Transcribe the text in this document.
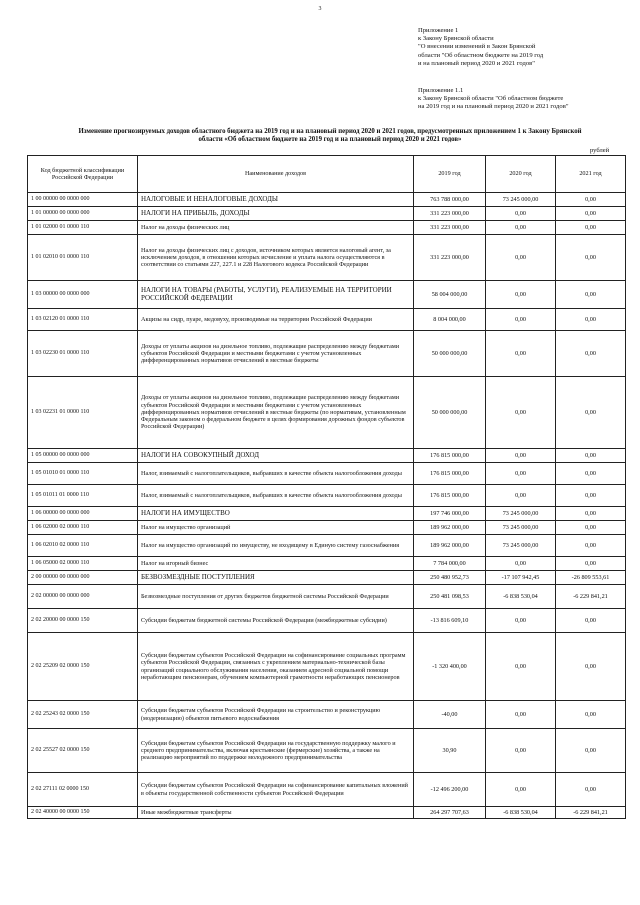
3
Приложение 1
к Закону Брянской области
"О внесении изменений в Закон Брянской
области "Об областном бюджете на 2019 год
и на плановый период 2020 и 2021 годов"
Приложение 1.1
к Закону Брянской области "Об областном бюджете
на 2019 год и на плановый период 2020 и 2021 годов"
Изменение прогнозируемых доходов областного бюджета на 2019 год и на плановый период 2020 и 2021 годов, предусмотренных приложением 1 к Закону Брянской области «Об областном бюджете на 2019 год и на плановый период 2020 и 2021 годов»
рублей
Код бюджетной классификации Российской Федерации	Наименование доходов	2019 год	2020 год	2021 год
1 00 00000 00 0000 000	НАЛОГОВЫЕ И НЕНАЛОГОВЫЕ ДОХОДЫ	763 788 000,00	73 245 000,00	0,00
1 01 00000 00 0000 000	НАЛОГИ НА ПРИБЫЛЬ, ДОХОДЫ	331 223 000,00	0,00	0,00
1 01 02000 01 0000 110	Налог на доходы физических лиц	331 223 000,00	0,00	0,00
1 01 02010 01 0000 110	Налог на доходы физических лиц с доходов, источником которых является налоговый агент, за исключением доходов, в отношении которых исчисление и уплата налога осуществляются в соответствии со статьями 227, 227.1 и 228 Налогового кодекса Российской Федерации	331 223 000,00	0,00	0,00
1 03 00000 00 0000 000	НАЛОГИ НА ТОВАРЫ (РАБОТЫ, УСЛУГИ), РЕАЛИЗУЕМЫЕ НА ТЕРРИТОРИИ РОССИЙСКОЙ ФЕДЕРАЦИИ	58 004 000,00	0,00	0,00
1 03 02120 01 0000 110	Акцизы на сидр, пуаре, медовуху, производимые на территории Российской Федерации	8 004 000,00	0,00	0,00
1 03 02230 01 0000 110	Доходы от уплаты акцизов на дизельное топливо, подлежащие распределению между бюджетами субъектов Российской Федерации и местными бюджетами с учетом установленных дифференцированных нормативов отчислений в местные бюджеты	50 000 000,00	0,00	0,00
1 03 02231 01 0000 110	Доходы от уплаты акцизов на дизельное топливо, подлежащие распределению между бюджетами субъектов Российской Федерации и местными бюджетами с учетом установленных дифференцированных нормативов отчислений в местные бюджеты (по нормативам, установленным Федеральным законом о федеральном бюджете в целях формирования дорожных фондов субъектов Российской Федерации)	50 000 000,00	0,00	0,00
1 05 00000 00 0000 000	НАЛОГИ НА СОВОКУПНЫЙ ДОХОД	176 815 000,00	0,00	0,00
1 05 01010 01 0000 110	Налог, взимаемый с налогоплательщиков, выбравших в качестве объекта налогообложения доходы	176 815 000,00	0,00	0,00
1 05 01011 01 0000 110	Налог, взимаемый с налогоплательщиков, выбравших в качестве объекта налогообложения доходы	176 815 000,00	0,00	0,00
1 06 00000 00 0000 000	НАЛОГИ НА ИМУЩЕСТВО	197 746 000,00	73 245 000,00	0,00
1 06 02000 02 0000 110	Налог на имущество организаций	189 962 000,00	73 245 000,00	0,00
1 06 02010 02 0000 110	Налог на имущество организаций по имуществу, не входящему в Единую систему газоснабжения	189 962 000,00	73 245 000,00	0,00
1 06 05000 02 0000 110	Налог на игорный бизнес	7 784 000,00	0,00	0,00
2 00 00000 00 0000 000	БЕЗВОЗМЕЗДНЫЕ ПОСТУПЛЕНИЯ	250 480 952,73	-17 107 942,45	-26 809 553,61
2 02 00000 00 0000 000	Безвозмездные поступления от других бюджетов бюджетной системы Российской Федерации	250 481 098,53	-6 838 530,04	-6 229 841,21
2 02 20000 00 0000 150	Субсидии бюджетам бюджетной системы Российской Федерации (межбюджетные субсидии)	-13 816 609,10	0,00	0,00
2 02 25209 02 0000 150	Субсидии бюджетам субъектов Российской Федерации на софинансирование социальных программ субъектов Российской Федерации, связанных с укреплением материально-технической базы организаций социального обслуживания населения, оказанием адресной социальной помощи неработающим пенсионерам, обучением компьютерной грамотности неработающих пенсионеров	-1 320 400,00	0,00	0,00
2 02 25243 02 0000 150	Субсидии бюджетам субъектов Российской Федерации на строительство и реконструкцию (модернизацию) объектов питьевого водоснабжения	-40,00	0,00	0,00
2 02 25527 02 0000 150	Субсидии бюджетам субъектов Российской Федерации на государственную поддержку малого и среднего предпринимательства, включая крестьянские (фермерские) хозяйства, а также на реализацию мероприятий по поддержке молодежного предпринимательства	30,90	0,00	0,00
2 02 27111 02 0000 150	Субсидии бюджетам субъектов Российской Федерации на софинансирование капитальных вложений в объекты государственной собственности субъектов Российской Федерации	-12 496 200,00	0,00	0,00
2 02 40000 00 0000 150	Иные межбюджетные трансферты	264 297 707,63	-6 838 530,04	-6 229 841,21
